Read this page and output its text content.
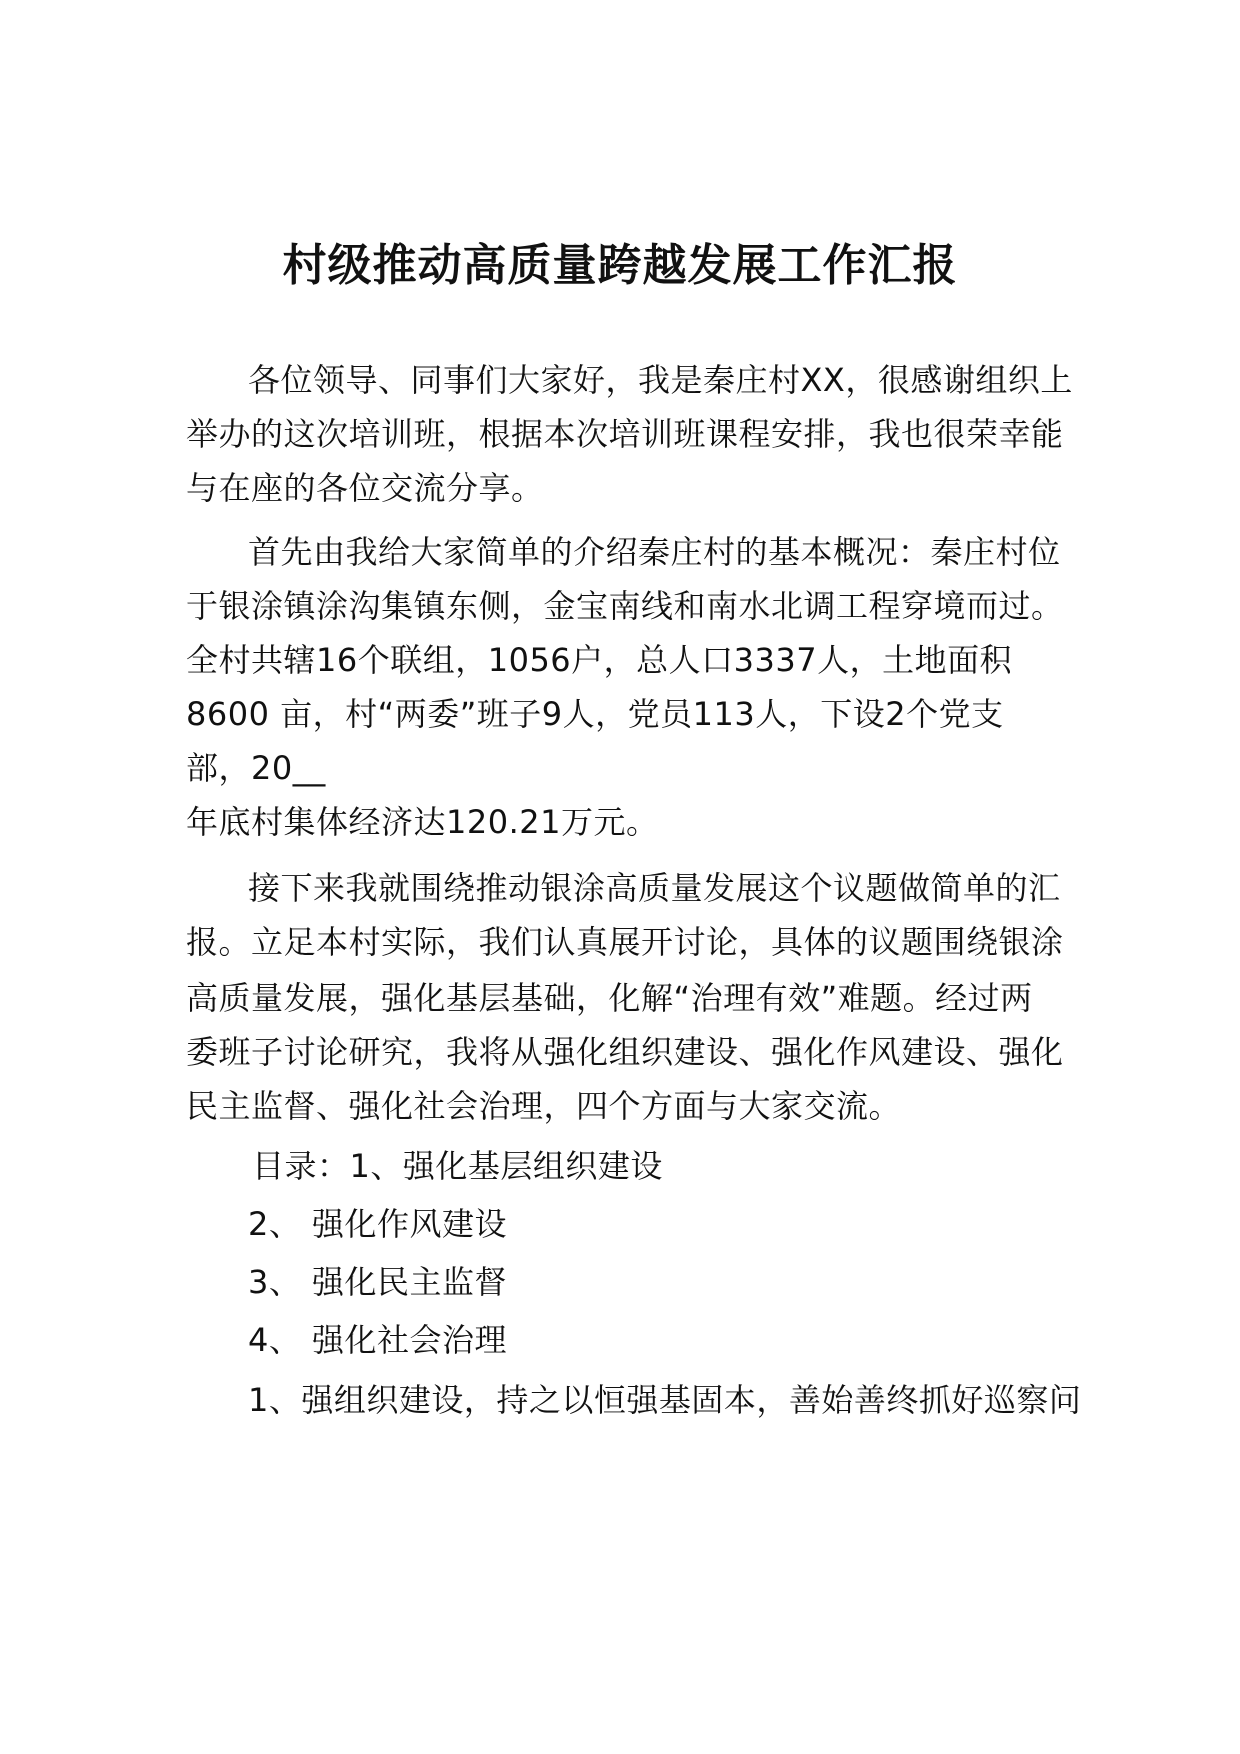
村级推动高质量跨越发展工作汇报

各位领导、同事们大家好，我是秦庄村XX，很感谢组织上

举办的这次培训班，根据本次培训班课程安排，我也很荣幸能

与在座的各位交流分享。

首先由我给大家简单的介绍秦庄村的基本概况：秦庄村位

于银涂镇涂沟集镇东侧，金宝南线和南水北调工程穿境而过。

全村共辖16个联组，1056户，总人口3337人，土地面积

8600 亩，村“两委”班子9人，党员113人，下设2个党支

部，20__

年底村集体经济达120.21万元。

接下来我就围绕推动银涂高质量发展这个议题做简单的汇

报。立足本村实际，我们认真展开讨论，具体的议题围绕银涂

高质量发展，强化基层基础，化解“治理有效”难题。经过两

委班子讨论研究，我将从强化组织建设、强化作风建设、强化

民主监督、强化社会治理，四个方面与大家交流。

目录：1、强化基层组织建设

2、 强化作风建设

3、 强化民主监督

4、 强化社会治理

1、强组织建设，持之以恒强基固本，善始善终抓好巡察问
